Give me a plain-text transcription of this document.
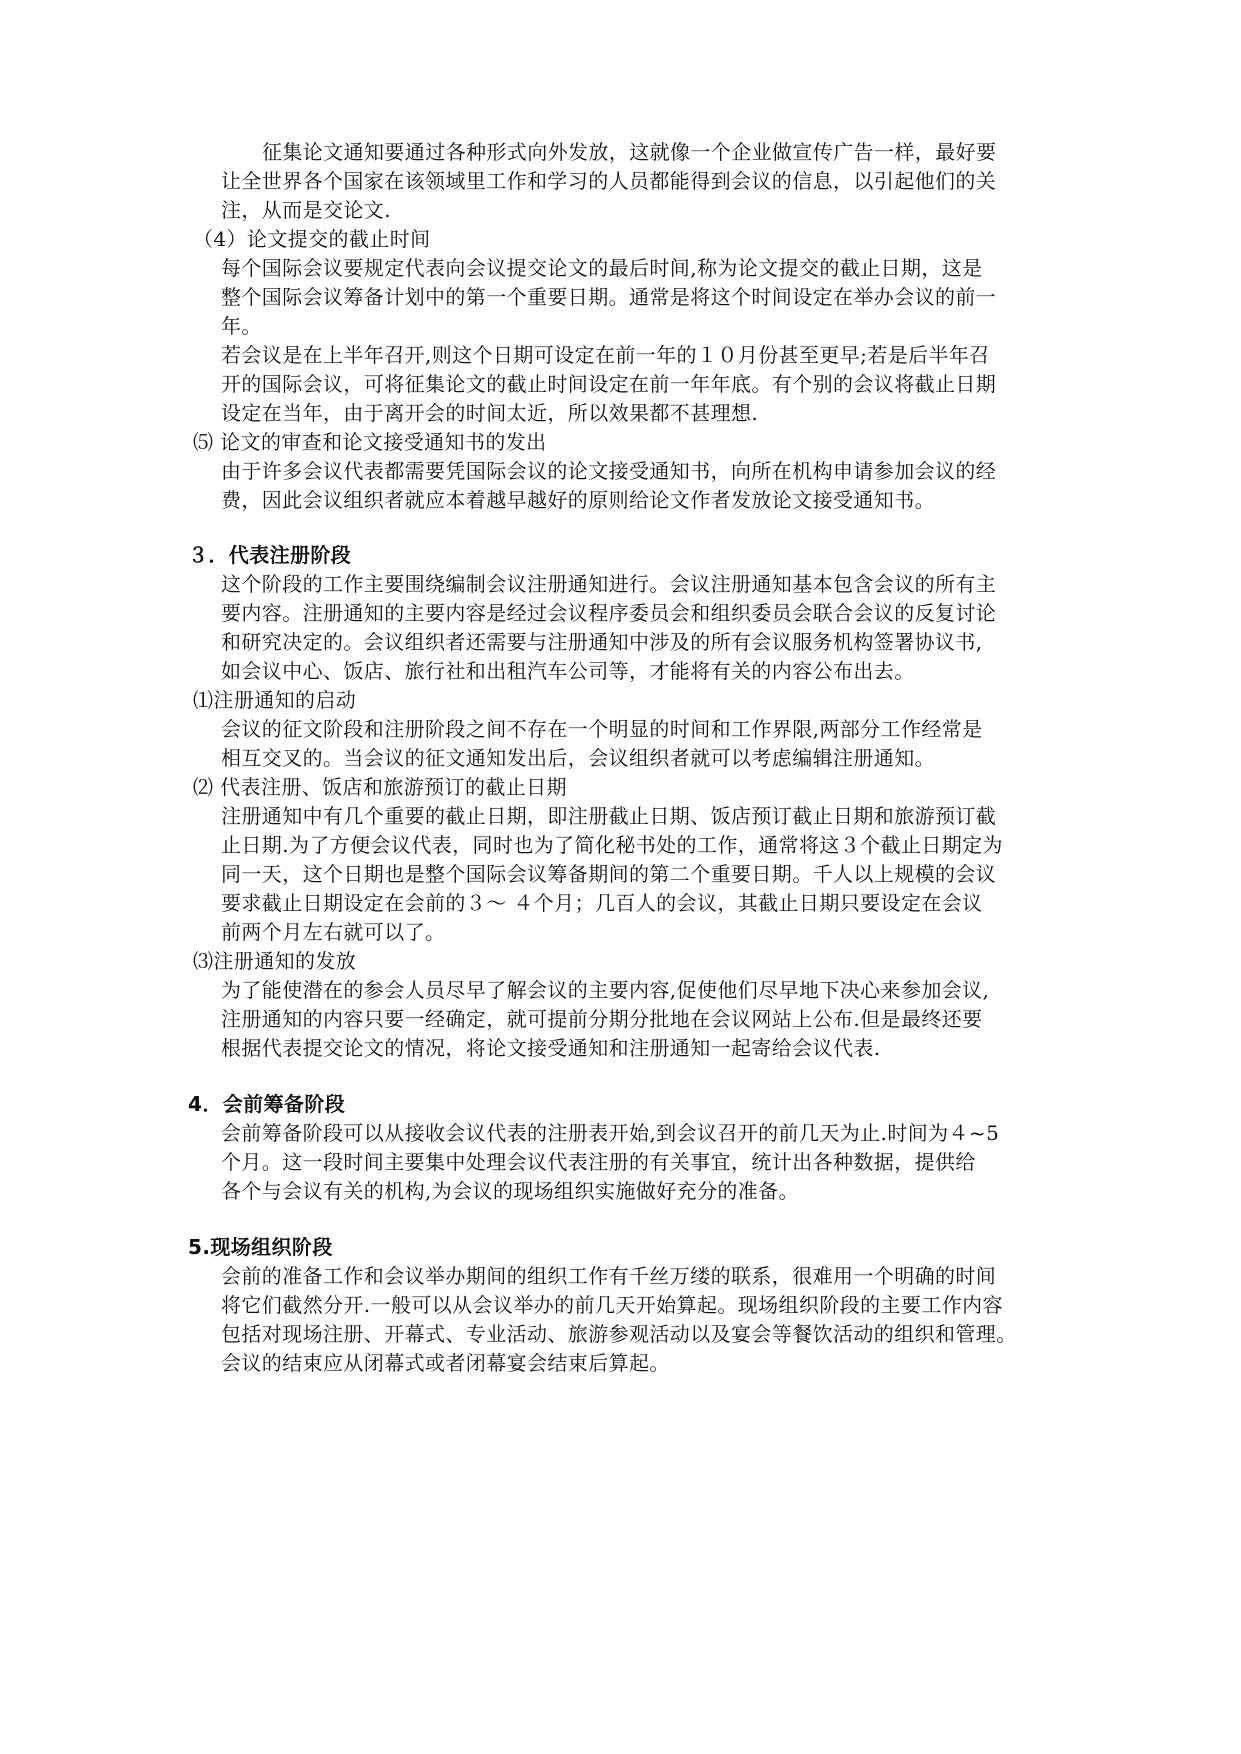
征集论文通知要通过各种形式向外发放，这就像一个企业做宣传广告一样，最好要
让全世界各个国家在该领域里工作和学习的人员都能得到会议的信息，以引起他们的关
注，从而是交论文.
（4）论文提交的截止时间
每个国际会议要规定代表向会议提交论文的最后时间,称为论文提交的截止日期，这是
整个国际会议筹备计划中的第一个重要日期。通常是将这个时间设定在举办会议的前一
年。
若会议是在上半年召开,则这个日期可设定在前一年的１０月份甚至更早;若是后半年召
开的国际会议，可将征集论文的截止时间设定在前一年年底。有个别的会议将截止日期
设定在当年，由于离开会的时间太近，所以效果都不甚理想.
⑸ 论文的审查和论文接受通知书的发出
由于许多会议代表都需要凭国际会议的论文接受通知书，向所在机构申请参加会议的经
费，因此会议组织者就应本着越早越好的原则给论文作者发放论文接受通知书。
３．代表注册阶段
这个阶段的工作主要围绕编制会议注册通知进行。会议注册通知基本包含会议的所有主
要内容。注册通知的主要内容是经过会议程序委员会和组织委员会联合会议的反复讨论
和研究决定的。会议组织者还需要与注册通知中涉及的所有会议服务机构签署协议书,
如会议中心、饭店、旅行社和出租汽车公司等，才能将有关的内容公布出去。
⑴注册通知的启动
会议的征文阶段和注册阶段之间不存在一个明显的时间和工作界限,两部分工作经常是
相互交叉的。当会议的征文通知发出后，会议组织者就可以考虑编辑注册通知。
⑵ 代表注册、饭店和旅游预订的截止日期
注册通知中有几个重要的截止日期，即注册截止日期、饭店预订截止日期和旅游预订截
止日期.为了方便会议代表，同时也为了简化秘书处的工作，通常将这３个截止日期定为
同一天，这个日期也是整个国际会议筹备期间的第二个重要日期。千人以上规模的会议
要求截止日期设定在会前的３～ ４个月；几百人的会议，其截止日期只要设定在会议
前两个月左右就可以了。
⑶注册通知的发放
为了能使潜在的参会人员尽早了解会议的主要内容,促使他们尽早地下决心来参加会议,
注册通知的内容只要一经确定，就可提前分期分批地在会议网站上公布.但是最终还要
根据代表提交论文的情况，将论文接受通知和注册通知一起寄给会议代表.
4．会前筹备阶段
会前筹备阶段可以从接收会议代表的注册表开始,到会议召开的前几天为止.时间为４~5
个月。这一段时间主要集中处理会议代表注册的有关事宜，统计出各种数据，提供给
各个与会议有关的机构,为会议的现场组织实施做好充分的准备。
5.现场组织阶段
会前的准备工作和会议举办期间的组织工作有千丝万缕的联系，很难用一个明确的时间
将它们截然分开.一般可以从会议举办的前几天开始算起。现场组织阶段的主要工作内容
包括对现场注册、开幕式、专业活动、旅游参观活动以及宴会等餐饮活动的组织和管理。
会议的结束应从闭幕式或者闭幕宴会结束后算起。
